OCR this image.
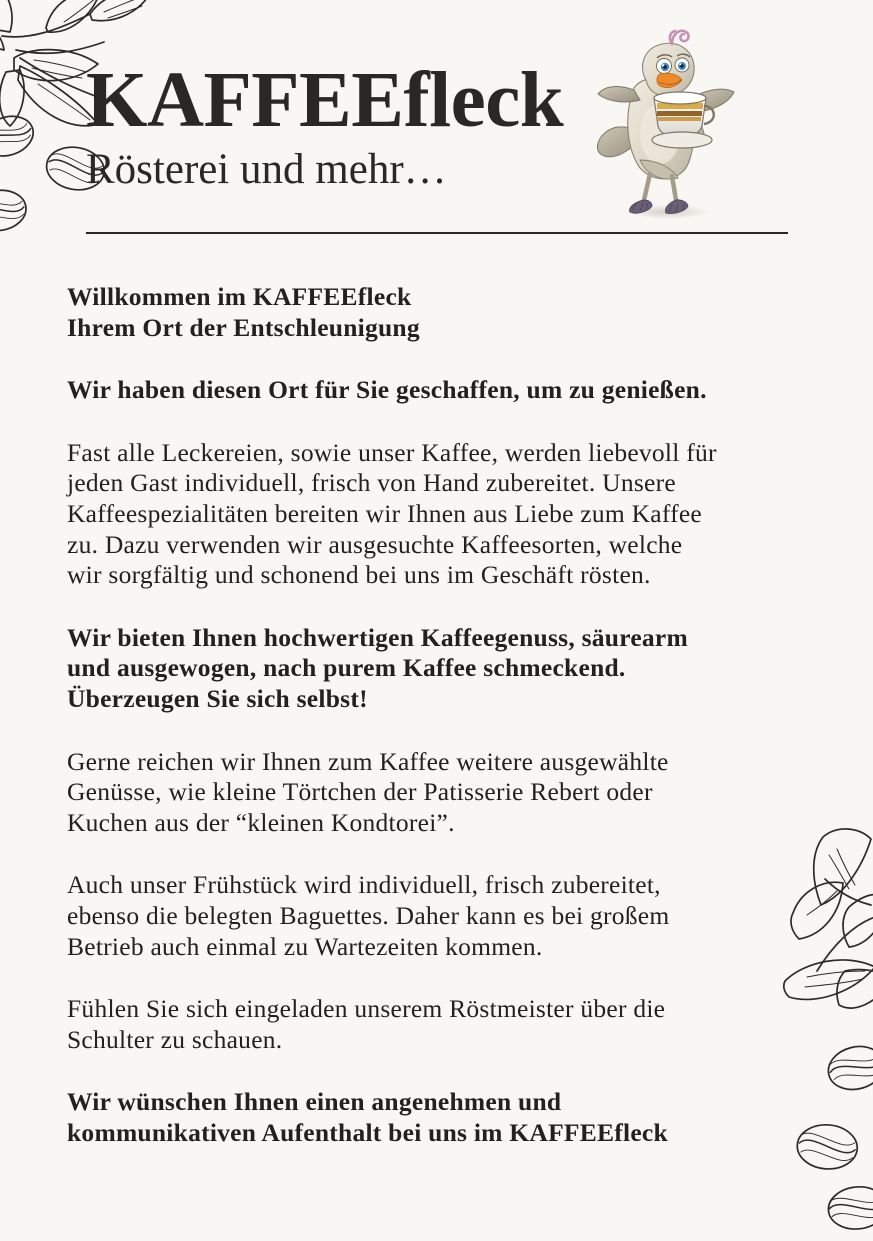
KAFFEEfleck

Rösterei und mehr…

Willkommen im KAFFEEfleck
Ihrem Ort der Entschleunigung

Wir haben diesen Ort für Sie geschaffen, um zu genießen.

Fast alle Leckereien, sowie unser Kaffee, werden liebevoll für
jeden Gast individuell, frisch von Hand zubereitet. Unsere
Kaffeespezialitäten bereiten wir Ihnen aus Liebe zum Kaffee
zu. Dazu verwenden wir ausgesuchte Kaffeesorten, welche
wir sorgfältig und schonend bei uns im Geschäft rösten.

Wir bieten Ihnen hochwertigen Kaffeegenuss, säurearm
und ausgewogen, nach purem Kaffee schmeckend.
Überzeugen Sie sich selbst!

Gerne reichen wir Ihnen zum Kaffee weitere ausgewählte
Genüsse, wie kleine Törtchen der Patisserie Rebert oder
Kuchen aus der “kleinen Kondtorei”.

Auch unser Frühstück wird individuell, frisch zubereitet,
ebenso die belegten Baguettes. Daher kann es bei großem
Betrieb auch einmal zu Wartezeiten kommen.

Fühlen Sie sich eingeladen unserem Röstmeister über die
Schulter zu schauen.

Wir wünschen Ihnen einen angenehmen und
kommunikativen Aufenthalt bei uns im KAFFEEfleck
